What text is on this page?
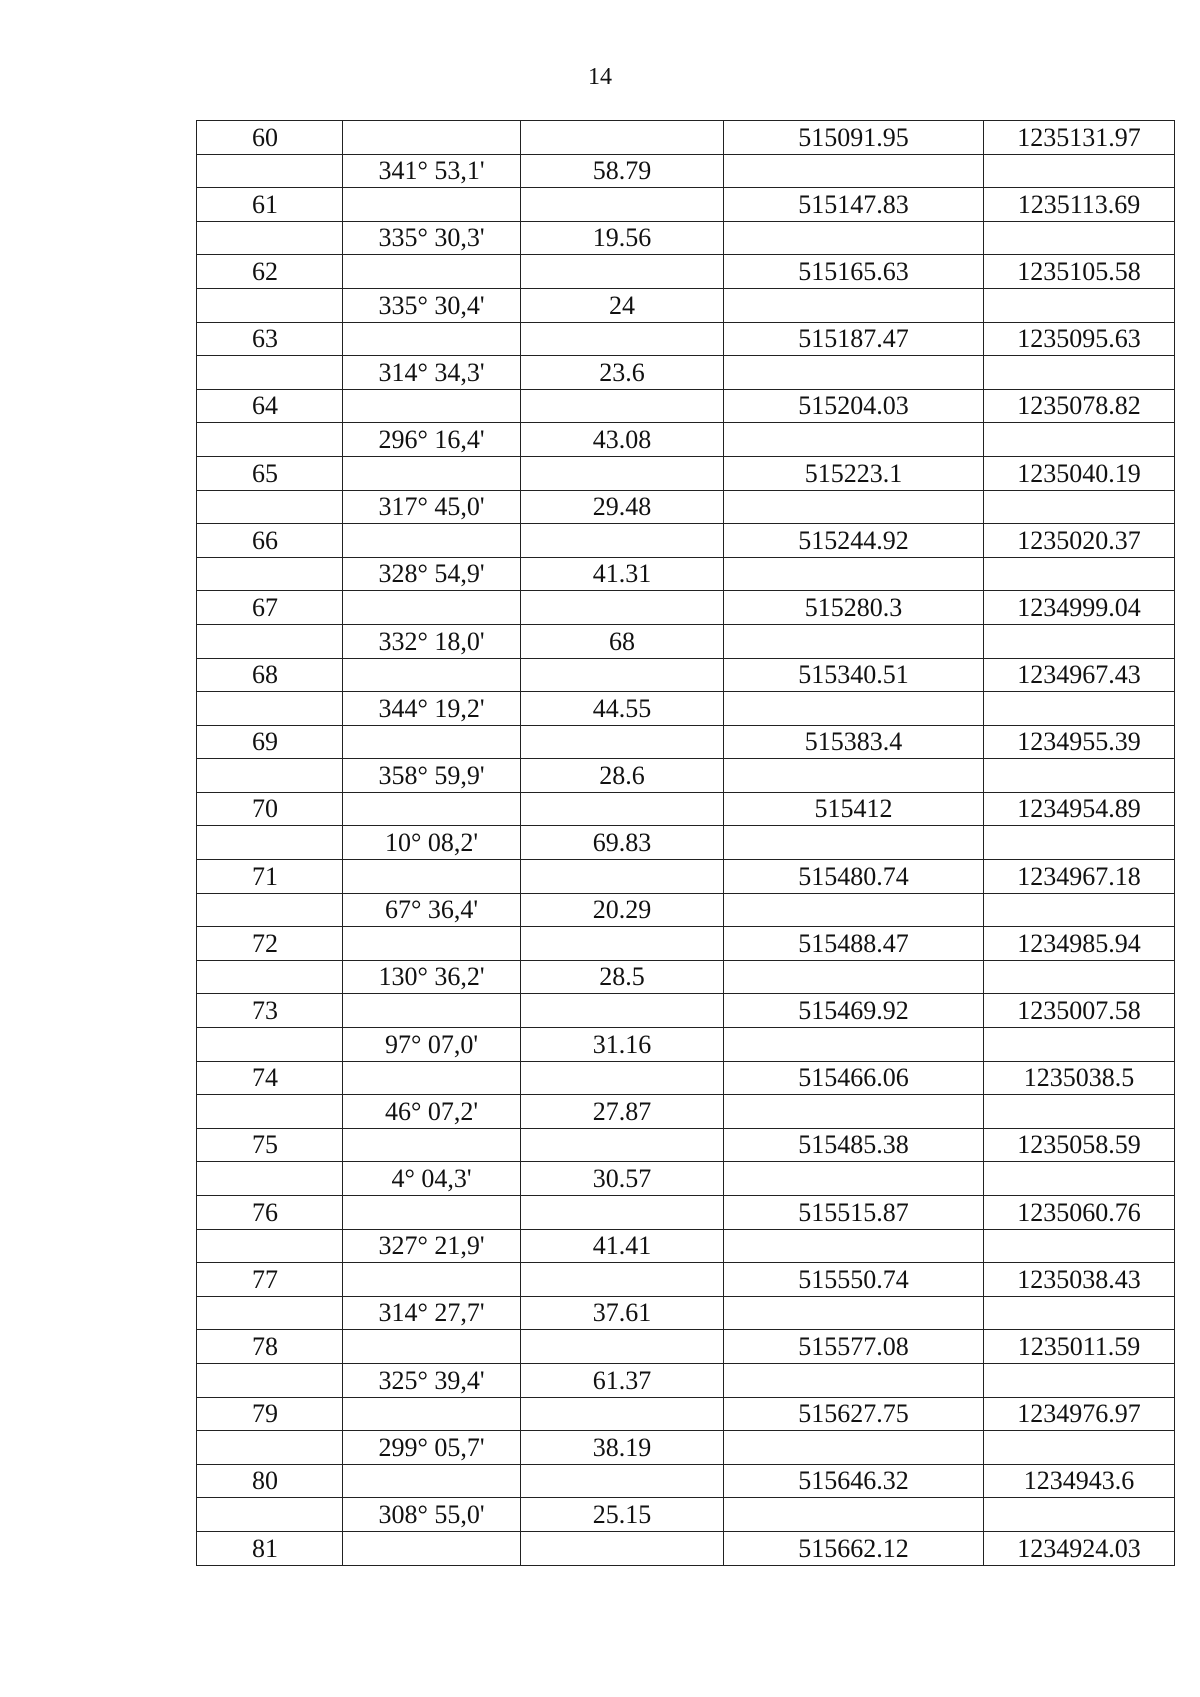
14
60			515091.95	1235131.97
	341° 53,1'	58.79		
61			515147.83	1235113.69
	335° 30,3'	19.56		
62			515165.63	1235105.58
	335° 30,4'	24		
63			515187.47	1235095.63
	314° 34,3'	23.6		
64			515204.03	1235078.82
	296° 16,4'	43.08		
65			515223.1	1235040.19
	317° 45,0'	29.48		
66			515244.92	1235020.37
	328° 54,9'	41.31		
67			515280.3	1234999.04
	332° 18,0'	68		
68			515340.51	1234967.43
	344° 19,2'	44.55		
69			515383.4	1234955.39
	358° 59,9'	28.6		
70			515412	1234954.89
	10° 08,2'	69.83		
71			515480.74	1234967.18
	67° 36,4'	20.29		
72			515488.47	1234985.94
	130° 36,2'	28.5		
73			515469.92	1235007.58
	97° 07,0'	31.16		
74			515466.06	1235038.5
	46° 07,2'	27.87		
75			515485.38	1235058.59
	4° 04,3'	30.57		
76			515515.87	1235060.76
	327° 21,9'	41.41		
77			515550.74	1235038.43
	314° 27,7'	37.61		
78			515577.08	1235011.59
	325° 39,4'	61.37		
79			515627.75	1234976.97
	299° 05,7'	38.19		
80			515646.32	1234943.6
	308° 55,0'	25.15		
81			515662.12	1234924.03
